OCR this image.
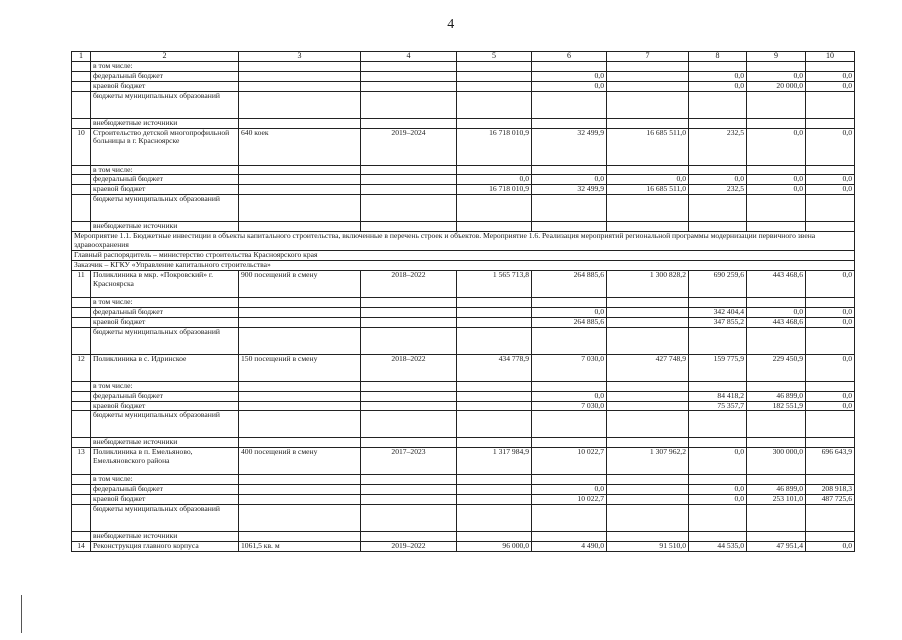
4
1	2	3	4	5	6	7	8	9	10
	в том числе:								
	федеральный бюджет				0,0		0,0	0,0	0,0
	краевой бюджет				0,0		0,0	20 000,0	0,0
	бюджеты муниципальных образований								
	внебюджетные источники								
10	Строительство детской многопрофильной больницы в г. Красноярске	640 коек	2019–2024	16 718 010,9	32 499,9	16 685 511,0	232,5	0,0	0,0
	в том числе:								
	федеральный бюджет			0,0	0,0	0,0	0,0	0,0	0,0
	краевой бюджет			16 718 010,9	32 499,9	16 685 511,0	232,5	0,0	0,0
	бюджеты муниципальных образований								
	внебюджетные источники								
Мероприятие 1.1. Бюджетные инвестиции в объекты капитального строительства, включенные в перечень строек и объектов. Мероприятие 1.6. Реализация мероприятий региональной программы модернизации первичного звена здравоохранения									
Главный распорядитель – министерство строительства Красноярского края									
Заказчик – КГКУ «Управление капитального строительства»									
11	Поликлиника в мкр. «Покровский» г. Красноярска	900 посещений в смену	2018–2022	1 565 713,8	264 885,6	1 300 828,2	690 259,6	443 468,6	0,0
	в том числе:								
	федеральный бюджет				0,0		342 404,4	0,0	0,0
	краевой бюджет				264 885,6		347 855,2	443 468,6	0,0
	бюджеты муниципальных образований								
12	Поликлиника в с. Идринское	150 посещений в смену	2018–2022	434 778,9	7 030,0	427 748,9	159 775,9	229 450,9	0,0
	в том числе:								
	федеральный бюджет				0,0		84 418,2	46 899,0	0,0
	краевой бюджет				7 030,0		75 357,7	182 551,9	0,0
	бюджеты муниципальных образований								
	внебюджетные источники								
13	Поликлиника в п. Емельяново, Емельяновского района	400 посещений в смену	2017–2023	1 317 984,9	10 022,7	1 307 962,2	0,0	300 000,0	696 643,9
	в том числе:								
	федеральный бюджет				0,0		0,0	46 899,0	208 918,3
	краевой бюджет				10 022,7		0,0	253 101,0	487 725,6
	бюджеты муниципальных образований								
	внебюджетные источники								
14	Реконструкция главного корпуса	1061,5 кв. м	2019–2022	96 000,0	4 490,0	91 510,0	44 535,0	47 951,4	0,0
